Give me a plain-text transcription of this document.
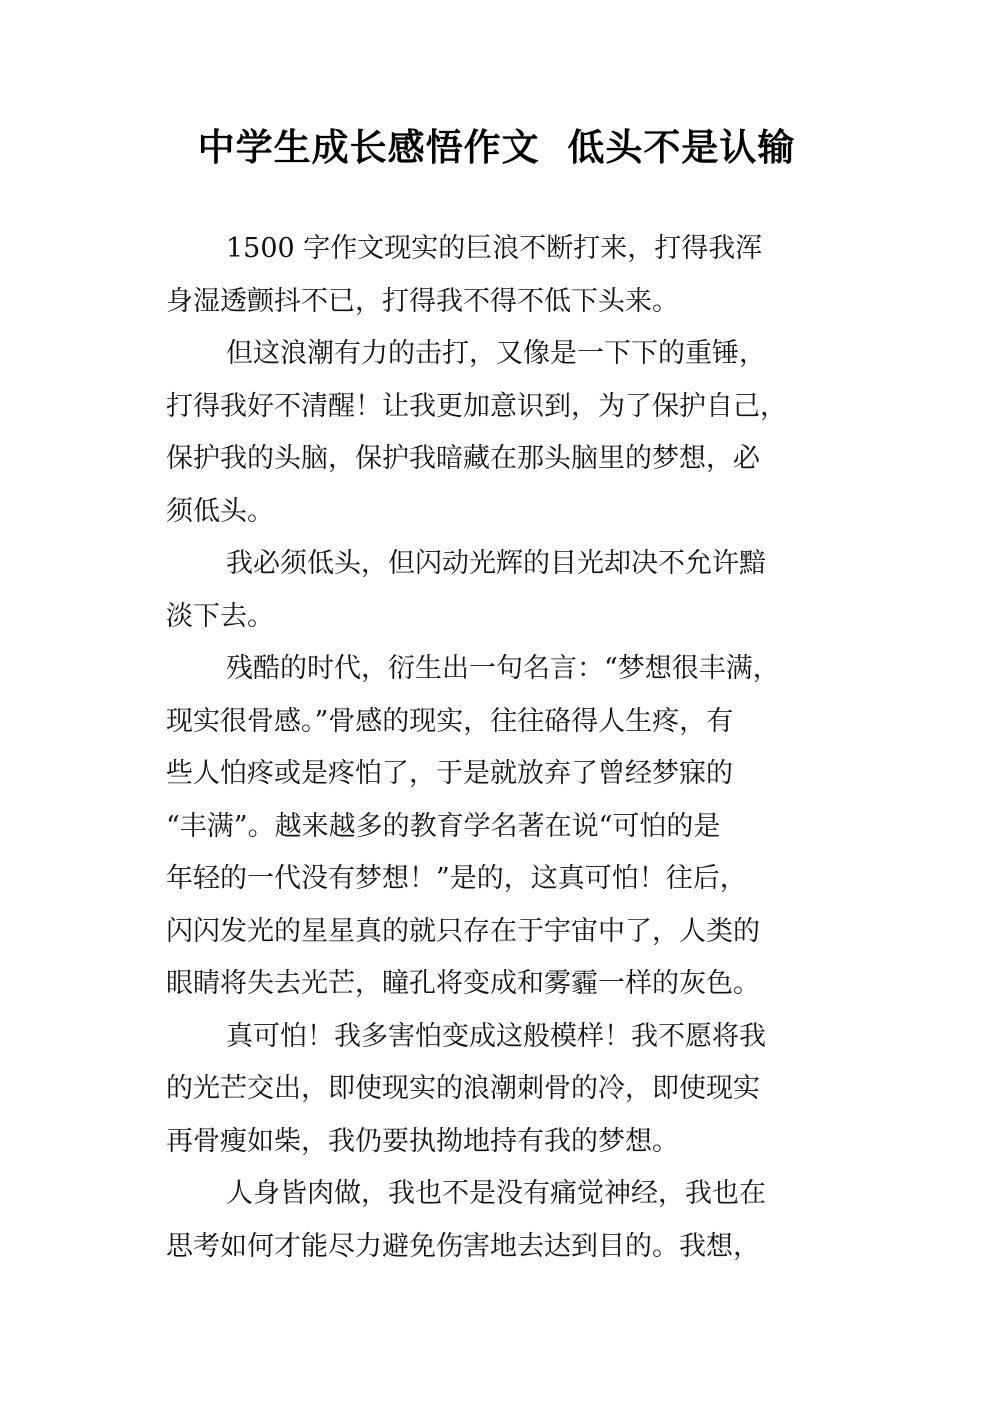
中学生成长感悟作文  低头不是认输
1500 字作文现实的巨浪不断打来，打得我浑
身湿透颤抖不已，打得我不得不低下头来。
但这浪潮有力的击打，又像是一下下的重锤，
打得我好不清醒！让我更加意识到，为了保护自己，
保护我的头脑，保护我暗藏在那头脑里的梦想，必
须低头。
我必须低头，但闪动光辉的目光却决不允许黯
淡下去。
残酷的时代，衍生出一句名言：“梦想很丰满，
现实很骨感。”骨感的现实，往往硌得人生疼，有
些人怕疼或是疼怕了，于是就放弃了曾经梦寐的
“丰满”。越来越多的教育学名著在说“可怕的是
年轻的一代没有梦想！”是的，这真可怕！往后，
闪闪发光的星星真的就只存在于宇宙中了，人类的
眼睛将失去光芒，瞳孔将变成和雾霾一样的灰色。
真可怕！我多害怕变成这般模样！我不愿将我
的光芒交出，即使现实的浪潮刺骨的冷，即使现实
再骨瘦如柴，我仍要执拗地持有我的梦想。
人身皆肉做，我也不是没有痛觉神经，我也在
思考如何才能尽力避免伤害地去达到目的。我想，
